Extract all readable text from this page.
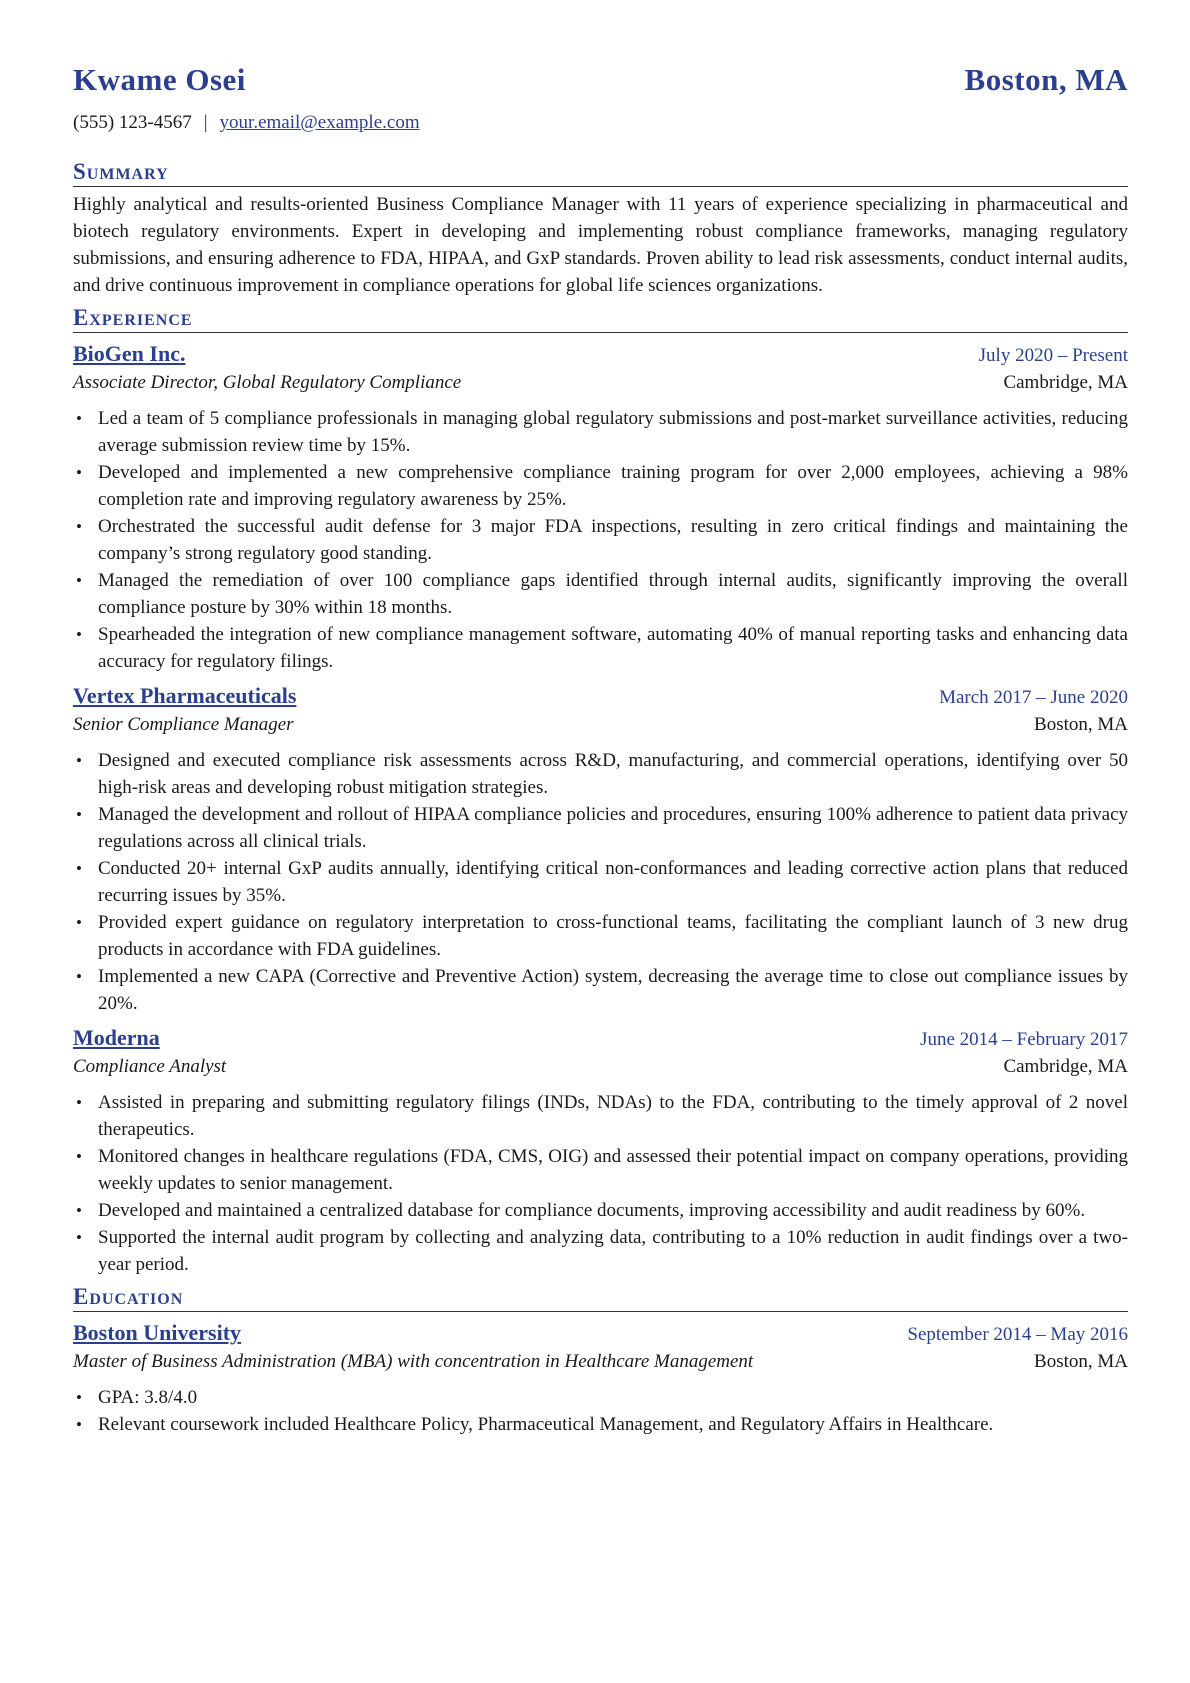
Kwame Osei	Boston, MA
(555) 123-4567 | your.email@example.com
Summary
Highly analytical and results-oriented Business Compliance Manager with 11 years of experience specializing in pharmaceutical and biotech regulatory environments. Expert in developing and implementing robust compliance frameworks, managing regulatory submissions, and ensuring adherence to FDA, HIPAA, and GxP standards. Proven ability to lead risk assessments, conduct internal audits, and drive continuous improvement in compliance operations for global life sciences organizations.
Experience
BioGen Inc.	July 2020 – Present
Associate Director, Global Regulatory Compliance	Cambridge, MA
• Led a team of 5 compliance professionals in managing global regulatory submissions and post-market surveillance activities, reducing average submission review time by 15%.
• Developed and implemented a new comprehensive compliance training program for over 2,000 employees, achieving a 98% completion rate and improving regulatory awareness by 25%.
• Orchestrated the successful audit defense for 3 major FDA inspections, resulting in zero critical findings and maintaining the company’s strong regulatory good standing.
• Managed the remediation of over 100 compliance gaps identified through internal audits, significantly improving the overall compliance posture by 30% within 18 months.
• Spearheaded the integration of new compliance management software, automating 40% of manual reporting tasks and enhancing data accuracy for regulatory filings.
Vertex Pharmaceuticals	March 2017 – June 2020
Senior Compliance Manager	Boston, MA
• Designed and executed compliance risk assessments across R&D, manufacturing, and commercial operations, identifying over 50 high-risk areas and developing robust mitigation strategies.
• Managed the development and rollout of HIPAA compliance policies and procedures, ensuring 100% adherence to patient data privacy regulations across all clinical trials.
• Conducted 20+ internal GxP audits annually, identifying critical non-conformances and leading corrective action plans that reduced recurring issues by 35%.
• Provided expert guidance on regulatory interpretation to cross-functional teams, facilitating the compliant launch of 3 new drug products in accordance with FDA guidelines.
• Implemented a new CAPA (Corrective and Preventive Action) system, decreasing the average time to close out compliance issues by 20%.
Moderna	June 2014 – February 2017
Compliance Analyst	Cambridge, MA
• Assisted in preparing and submitting regulatory filings (INDs, NDAs) to the FDA, contributing to the timely approval of 2 novel therapeutics.
• Monitored changes in healthcare regulations (FDA, CMS, OIG) and assessed their potential impact on company operations, providing weekly updates to senior management.
• Developed and maintained a centralized database for compliance documents, improving accessibility and audit readiness by 60%.
• Supported the internal audit program by collecting and analyzing data, contributing to a 10% reduction in audit findings over a two-year period.
Education
Boston University	September 2014 – May 2016
Master of Business Administration (MBA) with concentration in Healthcare Management	Boston, MA
• GPA: 3.8/4.0
• Relevant coursework included Healthcare Policy, Pharmaceutical Management, and Regulatory Affairs in Healthcare.
